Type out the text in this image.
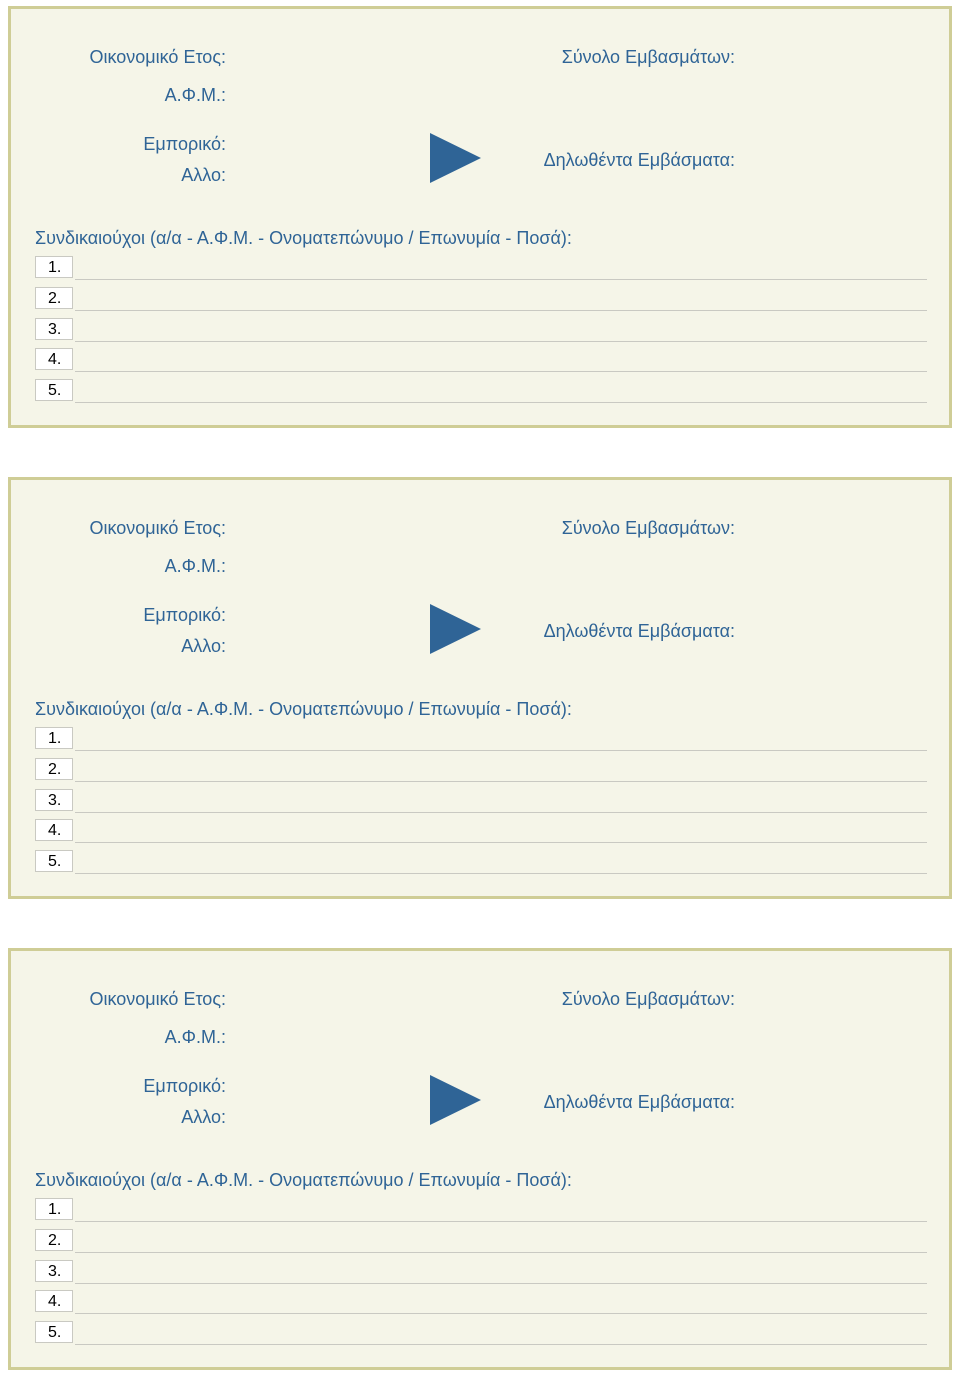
Οικονομικό Ετος:
Α.Φ.Μ.:
Εμπορικό:
Αλλο:
Σύνολο Εμβασμάτων:
Δηλωθέντα Εμβάσματα:
Συνδικαιούχοι (α/α - Α.Φ.Μ. - Ονοματεπώνυμο / Επωνυμία - Ποσά):
1.
2.
3.
4.
5.
Οικονομικό Ετος:
Α.Φ.Μ.:
Εμπορικό:
Αλλο:
Σύνολο Εμβασμάτων:
Δηλωθέντα Εμβάσματα:
Συνδικαιούχοι (α/α - Α.Φ.Μ. - Ονοματεπώνυμο / Επωνυμία - Ποσά):
1.
2.
3.
4.
5.
Οικονομικό Ετος:
Α.Φ.Μ.:
Εμπορικό:
Αλλο:
Σύνολο Εμβασμάτων:
Δηλωθέντα Εμβάσματα:
Συνδικαιούχοι (α/α - Α.Φ.Μ. - Ονοματεπώνυμο / Επωνυμία - Ποσά):
1.
2.
3.
4.
5.
